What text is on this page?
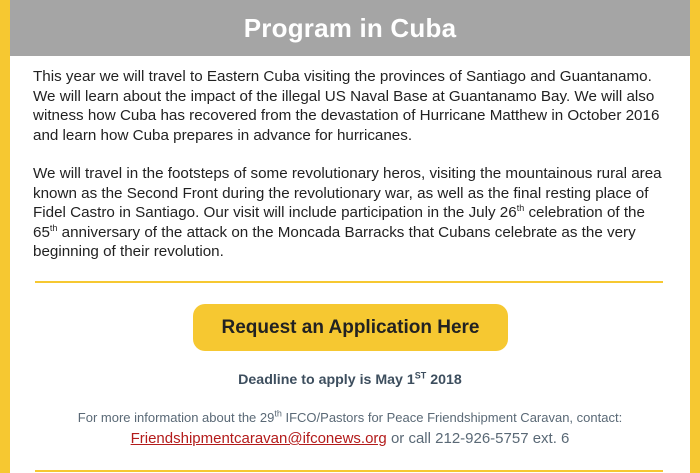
Program in Cuba

This year we will travel to Eastern Cuba visiting the provinces of Santiago and Guantanamo. We will learn about the impact of the illegal US Naval Base at Guantanamo Bay. We will also witness how Cuba has recovered from the devastation of Hurricane Matthew in October 2016 and learn how Cuba prepares in advance for hurricanes.

We will travel in the footsteps of some revolutionary heros, visiting the mountainous rural area known as the Second Front during the revolutionary war, as well as the final resting place of Fidel Castro in Santiago. Our visit will include participation in the July 26th celebration of the 65th anniversary of the attack on the Moncada Barracks that Cubans celebrate as the very beginning of their revolution.

Request an Application Here
Deadline to apply is May 1ST 2018
For more information about the 29th IFCO/Pastors for Peace Friendshipment Caravan, contact:
Friendshipmentcaravan@ifconews.org or call 212-926-5757 ext. 6
